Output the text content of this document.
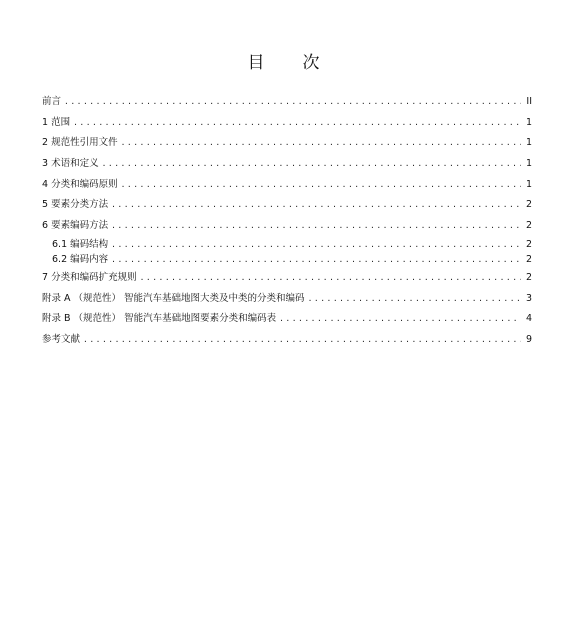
目 次
前言 .....	II
1 范围 .....	1
2 规范性引用文件 .....	1
3 术语和定义 .....	1
4 分类和编码原则 .....	1
5 要素分类方法 .....	2
6 要素编码方法 .....	2
6.1 编码结构 .....	2
6.2 编码内容 .....	2
7 分类和编码扩充规则 .....	2
附录 A （规范性） 智能汽车基础地图大类及中类的分类和编码 .....	3
附录 B （规范性） 智能汽车基础地图要素分类和编码表 .....	4
参考文献 .....	9
